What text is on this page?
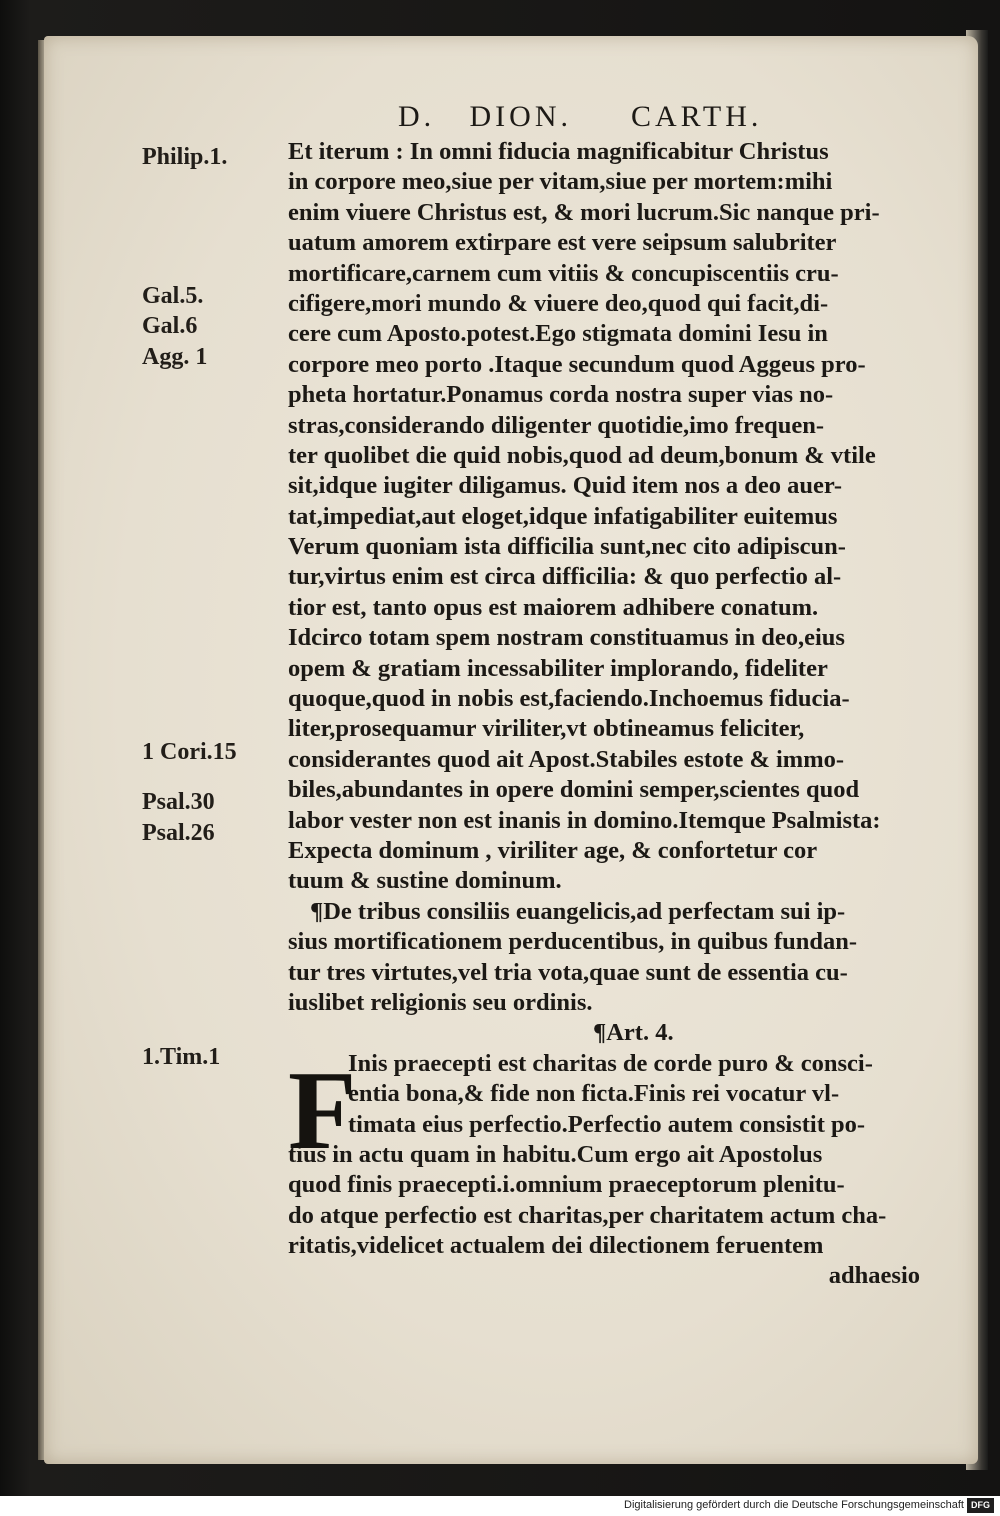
D. DION. CARTH.
Philip.1.
Gal.5.
Gal.6
Agg. 1
1 Cori.15
Psal.30
Psal.26
1.Tim.1
Et iterum : In omni fiducia magnificabitur Christus
in corpore meo,siue per vitam,siue per mortem:mihi
enim viuere Christus est, & mori lucrum.Sic nanque pri-
uatum amorem extirpare est vere seipsum salubriter
mortificare,carnem cum vitiis & concupiscentiis cru-
cifigere,mori mundo & viuere deo,quod qui facit,di-
cere cum Aposto.potest.Ego stigmata domini Iesu in
corpore meo porto .Itaque secundum quod Aggeus pro-
pheta hortatur.Ponamus corda nostra super vias no-
stras,considerando diligenter quotidie,imo frequen-
ter quolibet die quid nobis,quod ad deum,bonum & vtile
sit,idque iugiter diligamus. Quid item nos a deo auer-
tat,impediat,aut eloget,idque infatigabiliter euitemus
Verum quoniam ista difficilia sunt,nec cito adipiscun-
tur,virtus enim est circa difficilia: & quo perfectio al-
tior est, tanto opus est maiorem adhibere conatum.
Idcirco totam spem nostram constituamus in deo,eius
opem & gratiam incessabiliter implorando, fideliter
quoque,quod in nobis est,faciendo.Inchoemus fiducia-
liter,prosequamur viriliter,vt obtineamus feliciter,
considerantes quod ait Apost.Stabiles estote & immo-
biles,abundantes in opere domini semper,scientes quod
labor vester non est inanis in domino.Itemque Psalmista:
Expecta dominum , viriliter age, & confortetur cor
tuum & sustine dominum.
¶De tribus consiliis euangelicis,ad perfectam sui ip-
sius mortificationem perducentibus, in quibus fundan-
tur tres virtutes,vel tria vota,quae sunt de essentia cu-
iuslibet religionis seu ordinis.
¶Art. 4.
F
Inis praecepti est charitas de corde puro & consci-
entia bona,& fide non ficta.Finis rei vocatur vl-
timata eius perfectio.Perfectio autem consistit po-
tius in actu quam in habitu.Cum ergo ait Apostolus
quod finis praecepti.i.omnium praeceptorum plenitu-
do atque perfectio est charitas,per charitatem actum cha-
ritatis,videlicet actualem dei dilectionem feruentem
adhaesio
Digitalisierung gefördert durch die Deutsche Forschungsgemeinschaft DFG
